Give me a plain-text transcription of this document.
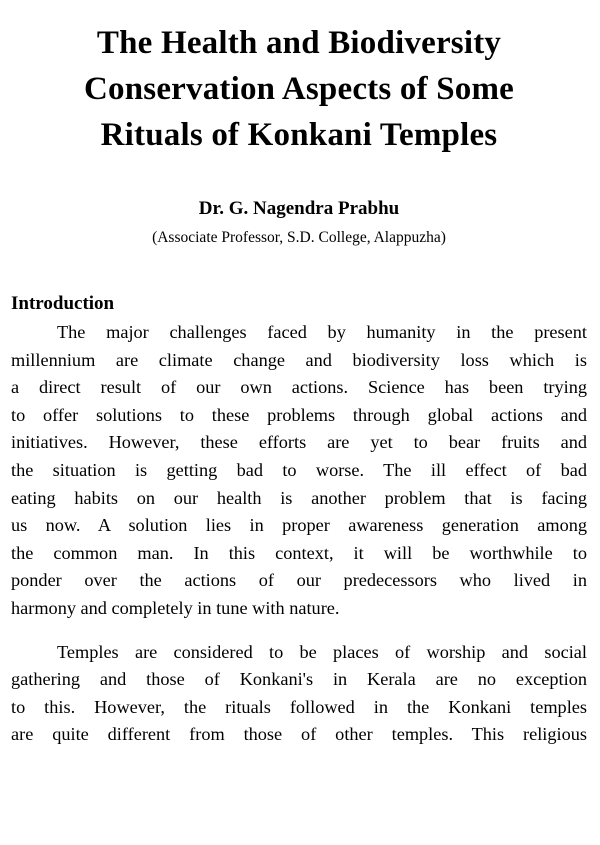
The Health and Biodiversity
Conservation Aspects of Some
Rituals of Konkani Temples
Dr. G. Nagendra Prabhu
(Associate Professor, S.D. College, Alappuzha)
Introduction

The major challenges faced by humanity in the present
millennium are climate change and biodiversity loss which is
a direct result of our own actions. Science has been trying
to offer solutions to these problems through global actions and
initiatives. However, these efforts are yet to bear fruits and
the situation is getting bad to worse. The ill effect of bad
eating habits on our health is another problem that is facing
us now. A solution lies in proper awareness generation among
the common man. In this context, it will be worthwhile to
ponder over the actions of our predecessors who lived in
harmony and completely in tune with nature.

Temples are considered to be places of worship and social
gathering and those of Konkani's in Kerala are no exception
to this. However, the rituals followed in the Konkani temples
are quite different from those of other temples. This religious
